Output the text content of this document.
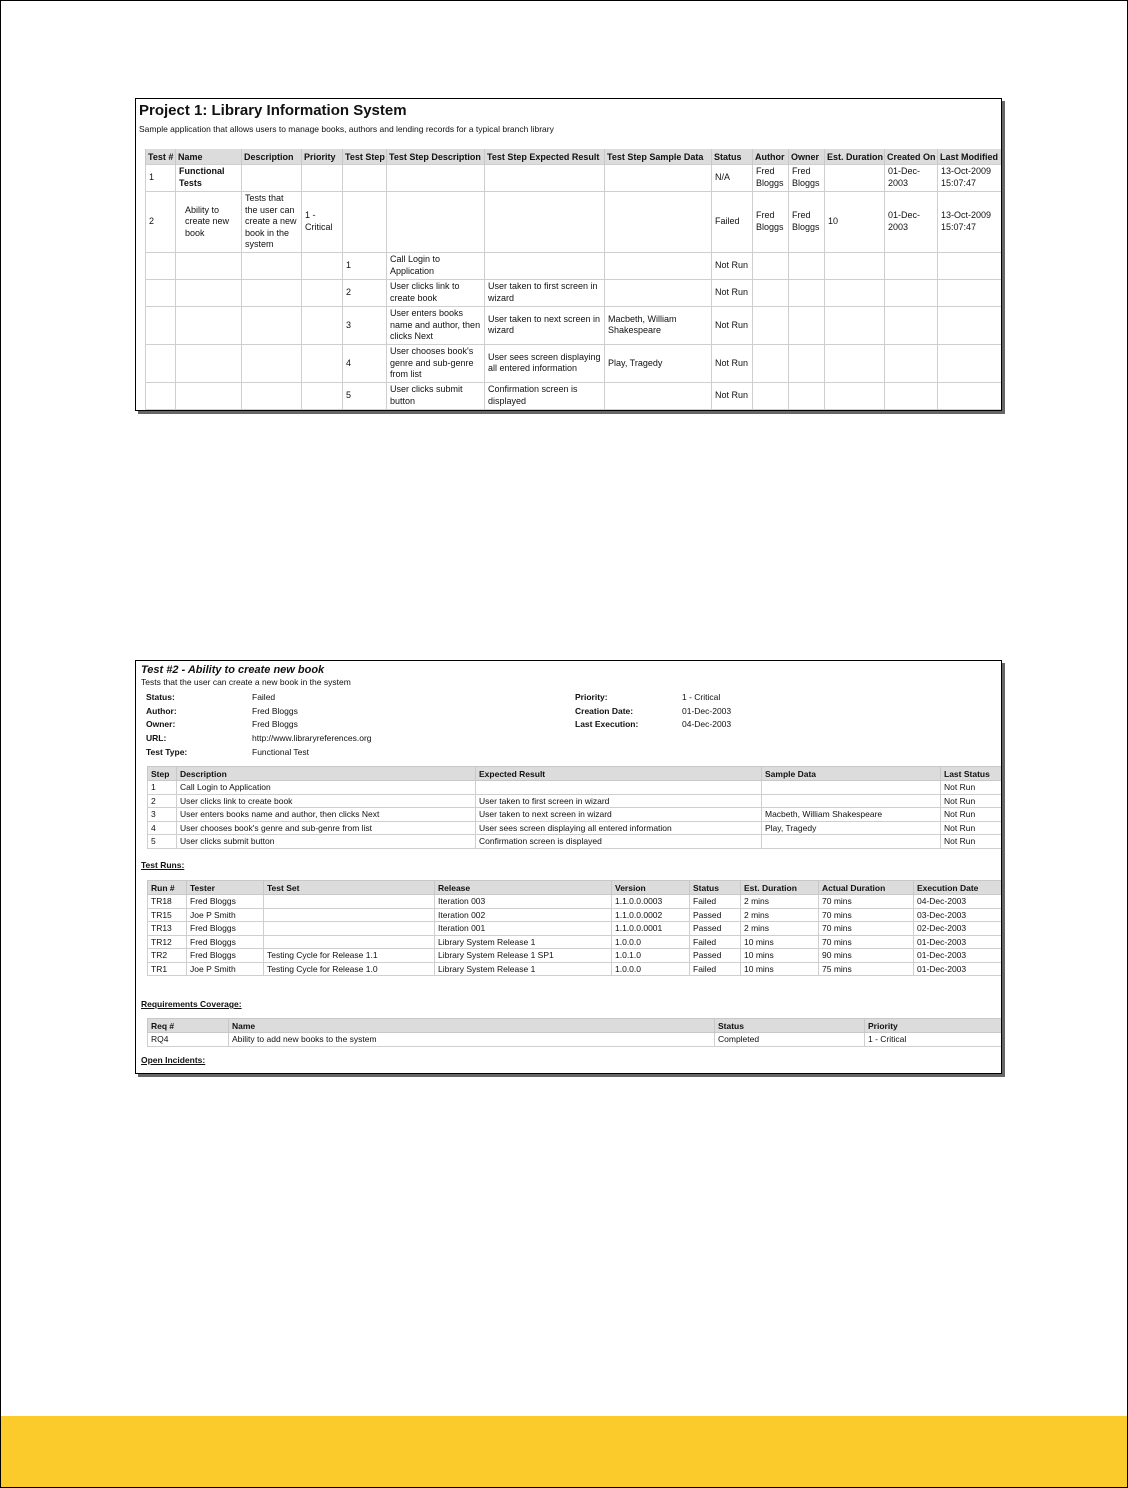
Project 1: Library Information System
Sample application that allows users to manage books, authors and lending records for a typical branch library
Test #	Name	Description	Priority	Test Step	Test Step Description	Test Step Expected Result	Test Step Sample Data	Status	Author	Owner	Est. Duration	Created On	Last Modified
1	Functional Tests							N/A	Fred Bloggs	Fred Bloggs		01-Dec-2003	13-Oct-2009 15:07:47
2	Ability to create new book	Tests that the user can create a new book in the system	1 - Critical					Failed	Fred Bloggs	Fred Bloggs	10	01-Dec-2003	13-Oct-2009 15:07:47
				1	Call Login to Application			Not Run					
				2	User clicks link to create book	User taken to first screen in wizard		Not Run					
				3	User enters books name and author, then clicks Next	User taken to next screen in wizard	Macbeth, William Shakespeare	Not Run					
				4	User chooses book's genre and sub-genre from list	User sees screen displaying all entered information	Play, Tragedy	Not Run					
				5	User clicks submit button	Confirmation screen is displayed		Not Run					
Test #2 - Ability to create new book
Tests that the user can create a new book in the system
Status:	Failed
Author:	Fred Bloggs
Owner:	Fred Bloggs
URL:	http://www.libraryreferences.org
Test Type:	Functional Test
Priority:	1 - Critical
Creation Date:	01-Dec-2003
Last Execution:	04-Dec-2003
Step	Description	Expected Result	Sample Data	Last Status
1	Call Login to Application			Not Run
2	User clicks link to create book	User taken to first screen in wizard		Not Run
3	User enters books name and author, then clicks Next	User taken to next screen in wizard	Macbeth, William Shakespeare	Not Run
4	User chooses book's genre and sub-genre from list	User sees screen displaying all entered information	Play, Tragedy	Not Run
5	User clicks submit button	Confirmation screen is displayed		Not Run
Test Runs:
Run #	Tester	Test Set	Release	Version	Status	Est. Duration	Actual Duration	Execution Date
TR18	Fred Bloggs		Iteration 003	1.1.0.0.0003	Failed	2 mins	70 mins	04-Dec-2003
TR15	Joe P Smith		Iteration 002	1.1.0.0.0002	Passed	2 mins	70 mins	03-Dec-2003
TR13	Fred Bloggs		Iteration 001	1.1.0.0.0001	Passed	2 mins	70 mins	02-Dec-2003
TR12	Fred Bloggs		Library System Release 1	1.0.0.0	Failed	10 mins	70 mins	01-Dec-2003
TR2	Fred Bloggs	Testing Cycle for Release 1.1	Library System Release 1 SP1	1.0.1.0	Passed	10 mins	90 mins	01-Dec-2003
TR1	Joe P Smith	Testing Cycle for Release 1.0	Library System Release 1	1.0.0.0	Failed	10 mins	75 mins	01-Dec-2003
Requirements Coverage:
Req #	Name	Status	Priority
RQ4	Ability to add new books to the system	Completed	1 - Critical
Open Incidents:
